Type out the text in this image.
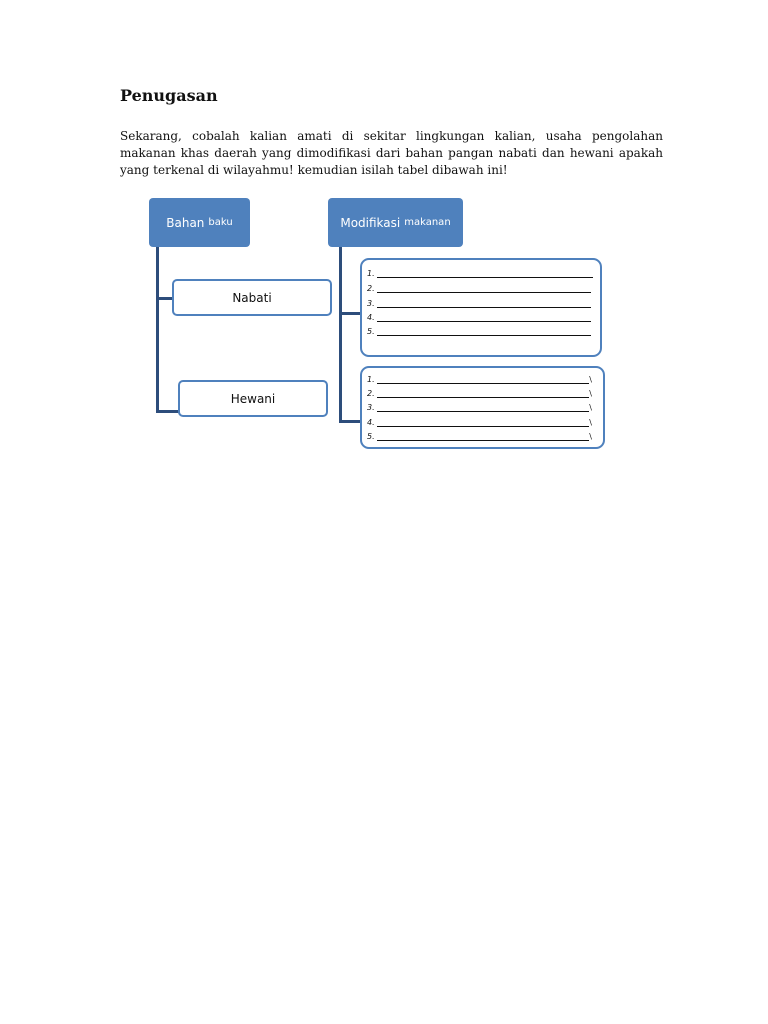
Penugasan
Sekarang, cobalah kalian amati di sekitar lingkungan kalian, usaha pengolahan makanan khas daerah yang dimodifikasi dari bahan pangan nabati dan hewani apakah yang terkenal di wilayahmu! kemudian isilah tabel dibawah ini!
Bahan baku	Modifikasi makanan
Nabati
Hewani
1.
2.
3.
4.
5.
1.	\
2.	\
3.	\
4.	\
5.	\
